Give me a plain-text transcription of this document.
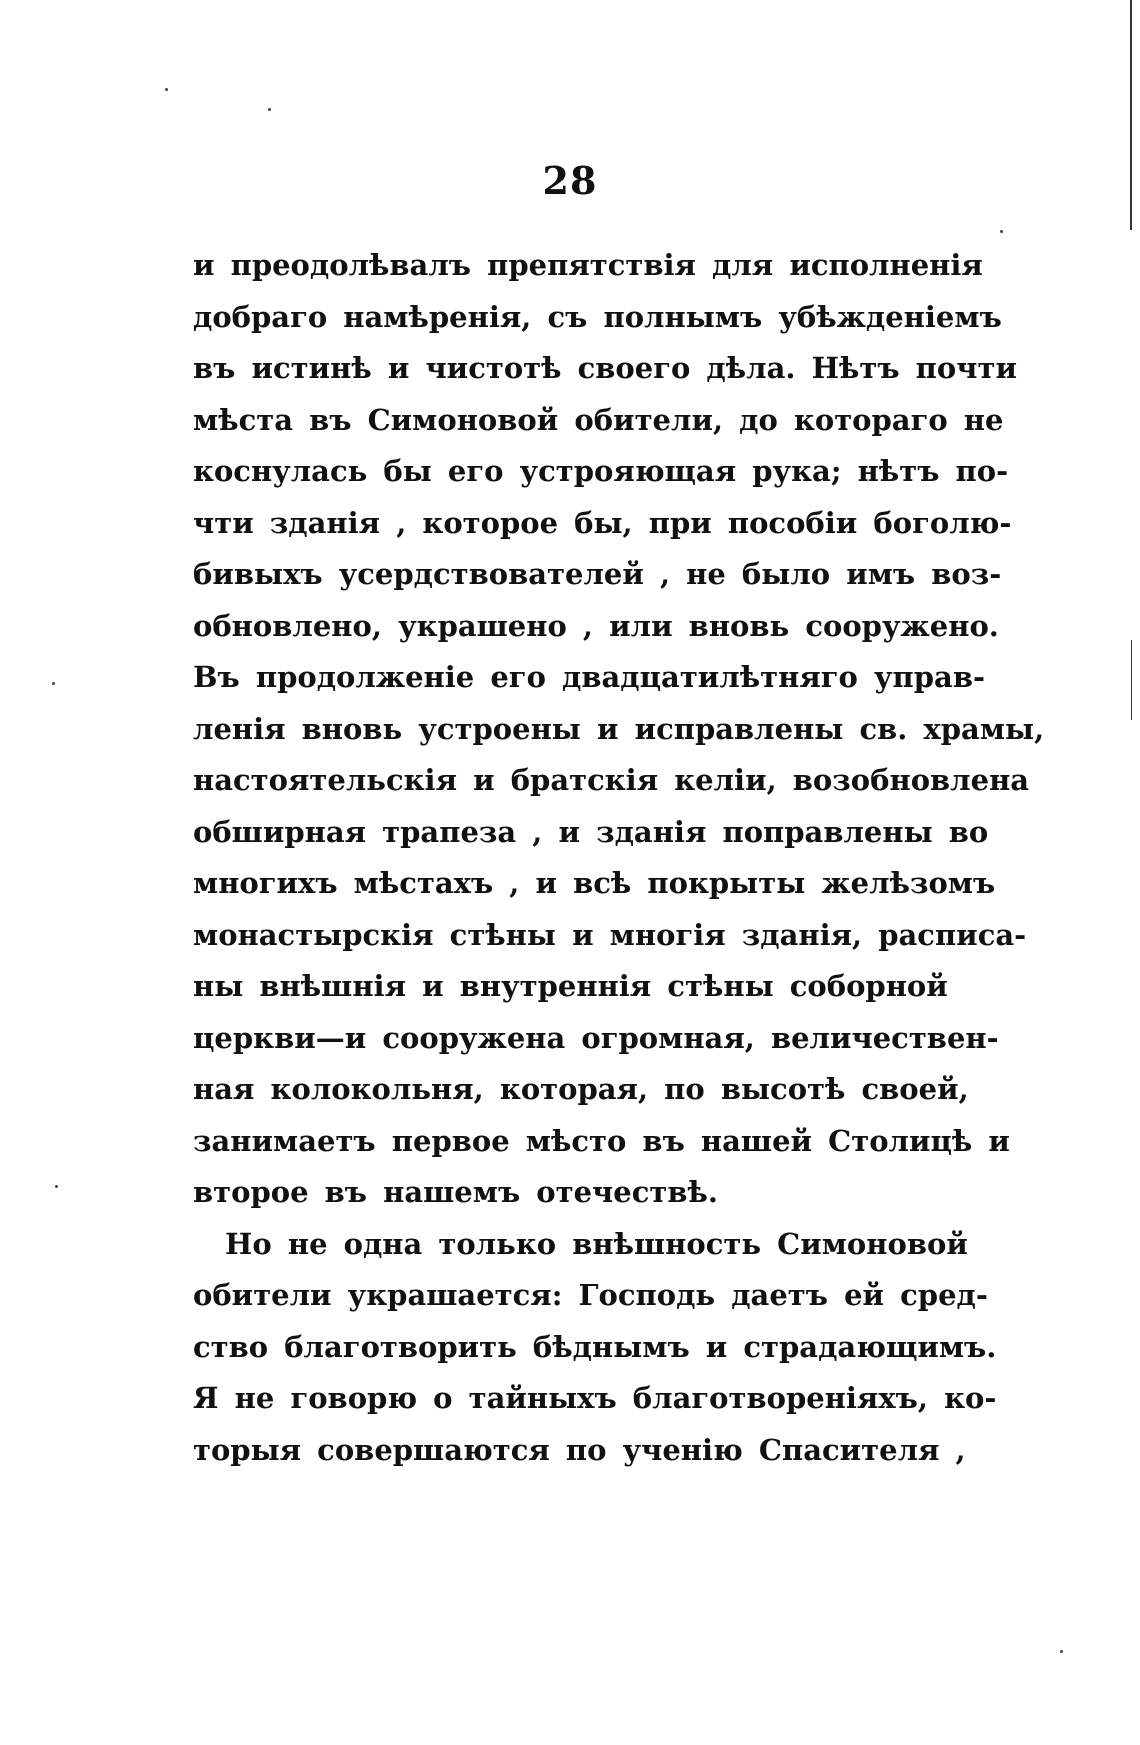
28
и преодолѣвалъ препятствія для исполненія
добраго намѣренія, съ полнымъ убѣжденіемъ
въ истинѣ и чистотѣ своего дѣла. Нѣтъ почти
мѣста въ Симоновой обители, до котораго не
коснулась бы его устрояющая рука; нѣтъ по-
чти зданія , которое бы, при пособіи боголю-
бивыхъ усердствователей , не было имъ воз-
обновлено, украшено , или вновь сооружено.
Въ продолженіе его двадцатилѣтняго управ-
ленія вновь устроены и исправлены св. храмы,
настоятельскія и братскія келіи, возобновлена
обширная трапеза , и зданія поправлены во
многихъ мѣстахъ , и всѣ покрыты желѣзомъ
монастырскія стѣны и многія зданія, расписа-
ны внѣшнія и внутреннія стѣны соборной
церкви—и сооружена огромная, величествен-
ная колокольня, которая, по высотѣ своей,
занимаетъ первое мѣсто въ нашей Столицѣ и
второе въ нашемъ отечествѣ.
Но не одна только внѣшность Симоновой
обители украшается: Господь даетъ ей сред-
ство благотворить бѣднымъ и страдающимъ.
Я не говорю о тайныхъ благотвореніяхъ, ко-
торыя совершаются по ученію Спасителя ,
